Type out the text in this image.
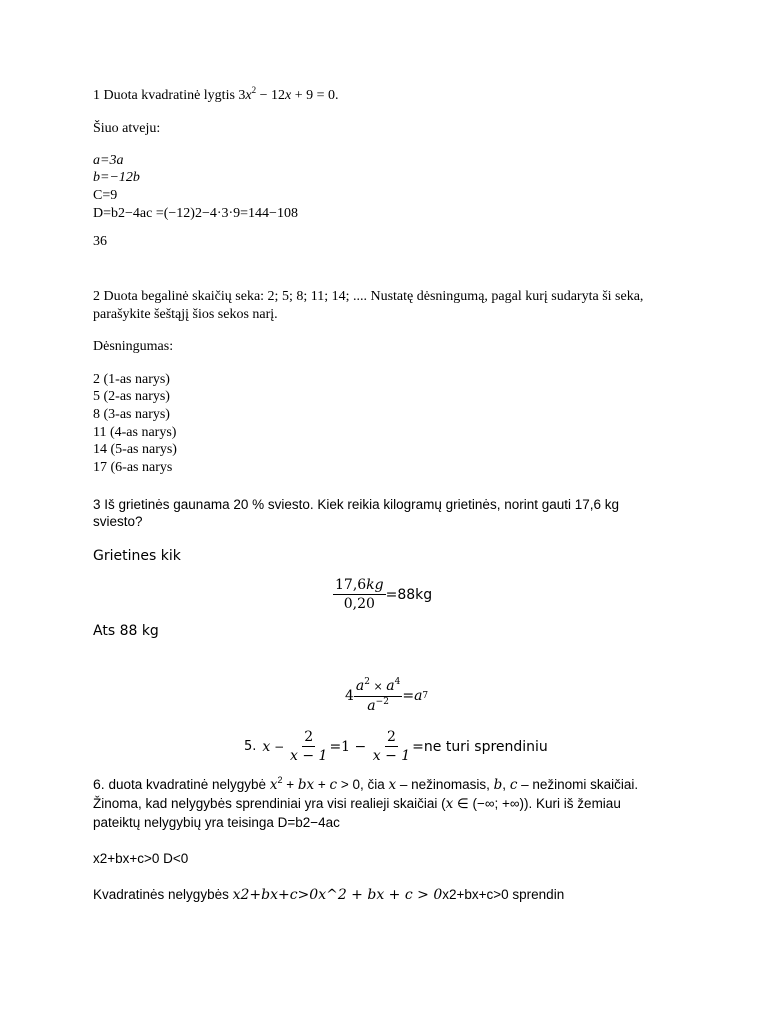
1 Duota kvadratinė lygtis $3x^2 - 12x + 9 = 0$.
Šiuo atveju:
a=3a
b=−12b
C=9
D=b2−4ac =(−12)2−4·3·9=144−108
36
2 Duota begalinė skaičių seka: 2; 5; 8; 11; 14; .... Nustatę dėsningumą, pagal kurį sudaryta ši seka,
parašykite šeštąjį šios sekos narį.
Dėsningumas:
2 (1-as narys)
5 (2-as narys)
8 (3-as narys)
11 (4-as narys)
14 (5-as narys)
17 (6-as narys
3 Iš grietinės gaunama 20 % sviesto. Kiek reikia kilogramų grietinės, norint gauti 17,6 kg
sviesto?
Grietines kik
$\frac{17,6kg}{0,20} =88kg$
Ats 88 kg
$4 \frac{a^2 \times a^4}{a^{-2}} = a$ 7
5. $x - \frac{2}{x - 1} =1 - \frac{2}{x - 1} =ne$ turi sprendiniu
6. duota kvadratinė nelygybė $x^2$ + bx + c > 0, čia x – nežinomasis, b, c – nežinomi skaičiai.
Žinoma, kad nelygybės sprendiniai yra visi realieji skaičiai (x ∈ (−∞; +∞)). Kuri iš žemiau
pateiktų nelygybių yra teisinga D=b2−4ac
x2+bx+c>0 D<0
Kvadratinės nelygybės x2+bx+c>0x^2 + bx + c > 0x2+bx+c>0 sprendin
